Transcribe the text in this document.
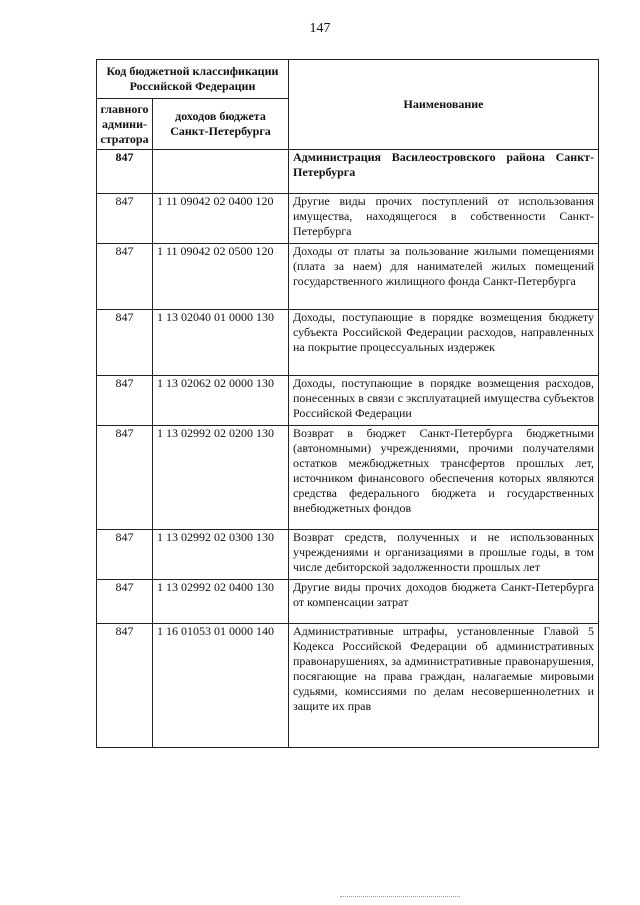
147
Код бюджетной классификации Российской Федерации		Наименование
главного админи-стратора	доходов бюджета Санкт-Петербурга	
847		Администрация Василеостровского района Санкт-Петербурга
847	1 11 09042 02 0400 120	Другие виды прочих поступлений от использования имущества, находящегося в собственности Санкт-Петербурга
847	1 11 09042 02 0500 120	Доходы от платы за пользование жилыми помещениями (плата за наем) для нанимателей жилых помещений государственного жилищного фонда Санкт-Петербурга
847	1 13 02040 01 0000 130	Доходы, поступающие в порядке возмещения бюджету субъекта Российской Федерации расходов, направленных на покрытие процессуальных издержек
847	1 13 02062 02 0000 130	Доходы, поступающие в порядке возмещения расходов, понесенных в связи с эксплуатацией имущества субъектов Российской Федерации
847	1 13 02992 02 0200 130	Возврат в бюджет Санкт-Петербурга бюджетными (автономными) учреждениями, прочими получателями остатков межбюджетных трансфертов прошлых лет, источником финансового обеспечения которых являются средства федерального бюджета и государственных внебюджетных фондов
847	1 13 02992 02 0300 130	Возврат средств, полученных и не использованных учреждениями и организациями в прошлые годы, в том числе дебиторской задолженности прошлых лет
847	1 13 02992 02 0400 130	Другие виды прочих доходов бюджета Санкт-Петербурга от компенсации затрат
847	1 16 01053 01 0000 140	Административные штрафы, установленные Главой 5 Кодекса Российской Федерации об административных правонарушениях, за административные правонарушения, посягающие на права граждан, налагаемые мировыми судьями, комиссиями по делам несовершеннолетних и защите их прав
